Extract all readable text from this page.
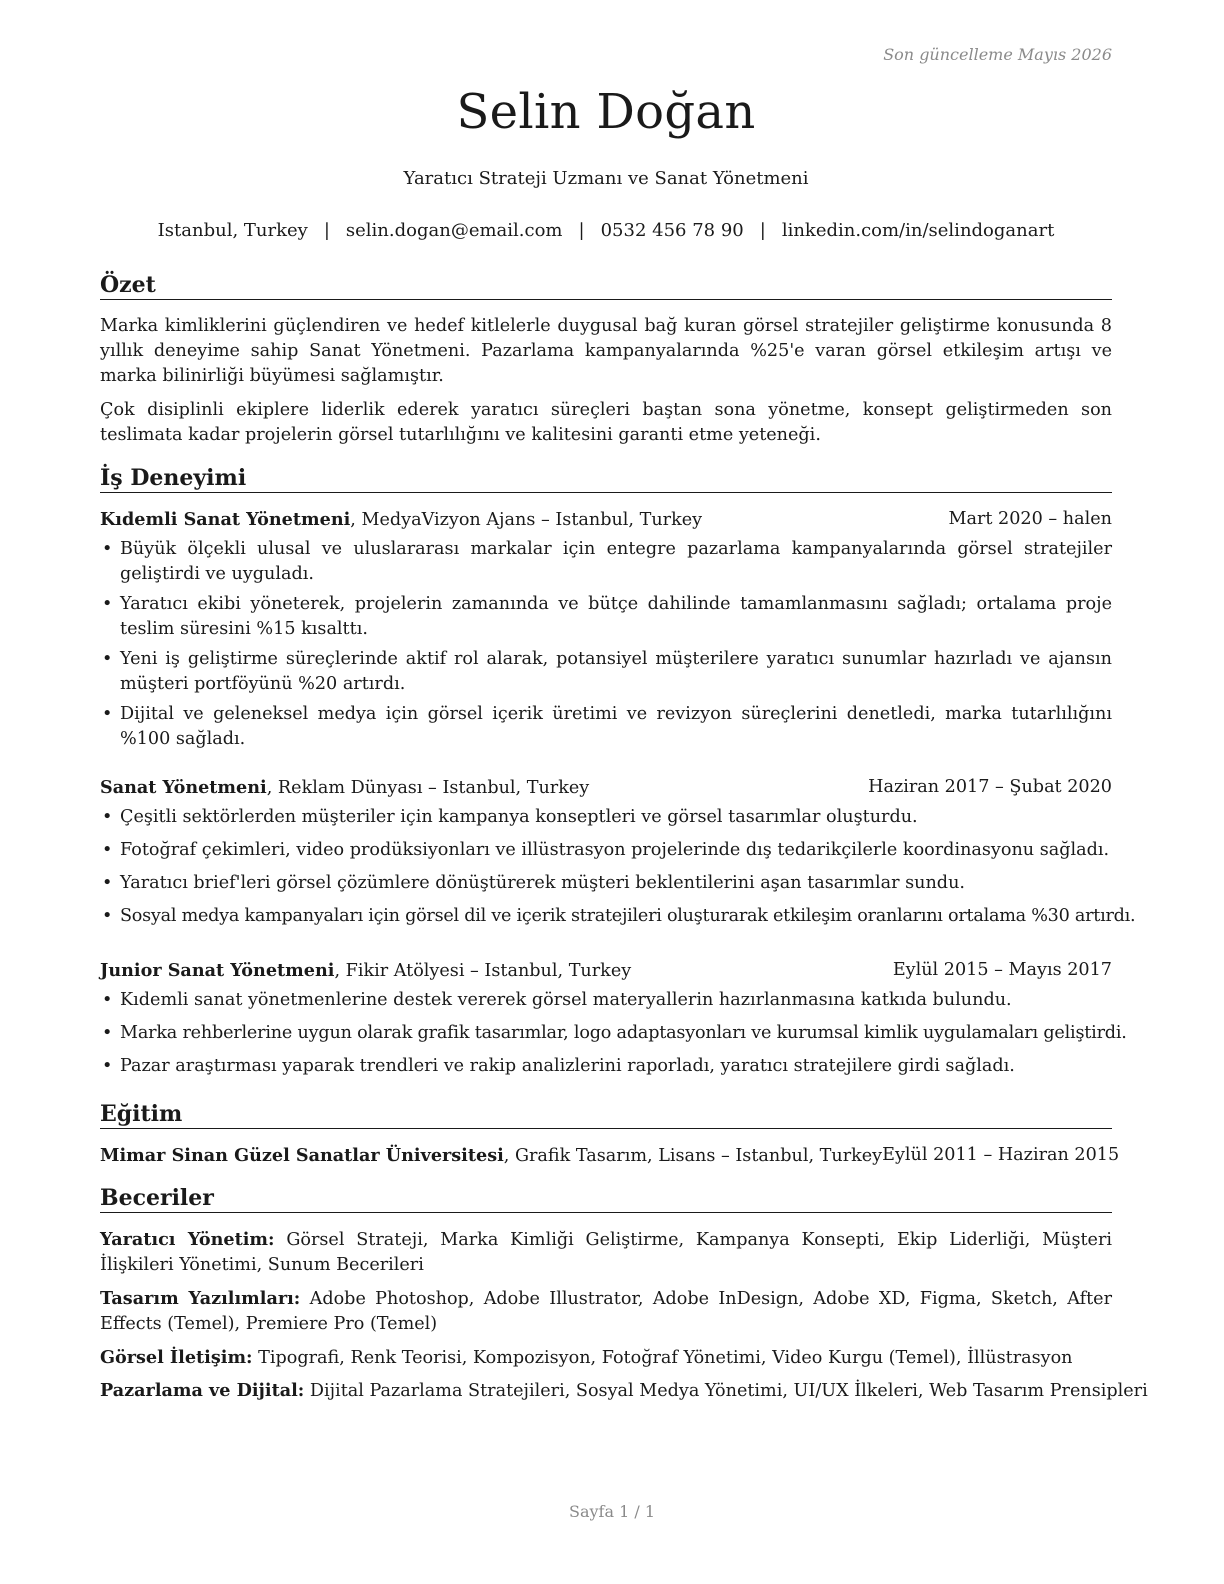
Son güncelleme Mayıs 2026
Selin Doğan
Yaratıcı Strateji Uzmanı ve Sanat Yönetmeni
Istanbul, Turkey | selin.dogan@email.com | 0532 456 78 90 | linkedin.com/in/selindoganart
Özet

Marka kimliklerini güçlendiren ve hedef kitlelerle duygusal bağ kuran görsel stratejiler geliştirme konusunda 8 yıllık deneyime sahip Sanat Yönetmeni. Pazarlama kampanyalarında %25'e varan görsel etkileşim artışı ve marka bilinirliği büyümesi sağlamıştır.

Çok disiplinli ekiplere liderlik ederek yaratıcı süreçleri baştan sona yönetme, konsept geliştirmeden son teslimata kadar projelerin görsel tutarlılığını ve kalitesini garanti etme yeteneği.

İş Deneyimi
Kıdemli Sanat Yönetmeni, MedyaVizyon Ajans – Istanbul, Turkey	Mart 2020 – halen
• Büyük ölçekli ulusal ve uluslararası markalar için entegre pazarlama kampanyalarında görsel stratejiler geliştirdi ve uyguladı.
• Yaratıcı ekibi yöneterek, projelerin zamanında ve bütçe dahilinde tamamlanmasını sağladı; ortalama proje teslim süresini %15 kısalttı.
• Yeni iş geliştirme süreçlerinde aktif rol alarak, potansiyel müşterilere yaratıcı sunumlar hazırladı ve ajansın müşteri portföyünü %20 artırdı.
• Dijital ve geleneksel medya için görsel içerik üretimi ve revizyon süreçlerini denetledi, marka tutarlılığını %100 sağladı.
Sanat Yönetmeni, Reklam Dünyası – Istanbul, Turkey	Haziran 2017 – Şubat 2020
• Çeşitli sektörlerden müşteriler için kampanya konseptleri ve görsel tasarımlar oluşturdu.
• Fotoğraf çekimleri, video prodüksiyonları ve illüstrasyon projelerinde dış tedarikçilerle koordinasyonu sağladı.
• Yaratıcı brief'leri görsel çözümlere dönüştürerek müşteri beklentilerini aşan tasarımlar sundu.
• Sosyal medya kampanyaları için görsel dil ve içerik stratejileri oluşturarak etkileşim oranlarını ortalama %30 artırdı.
Junior Sanat Yönetmeni, Fikir Atölyesi – Istanbul, Turkey	Eylül 2015 – Mayıs 2017
• Kıdemli sanat yönetmenlerine destek vererek görsel materyallerin hazırlanmasına katkıda bulundu.
• Marka rehberlerine uygun olarak grafik tasarımlar, logo adaptasyonları ve kurumsal kimlik uygulamaları geliştirdi.
• Pazar araştırması yaparak trendleri ve rakip analizlerini raporladı, yaratıcı stratejilere girdi sağladı.
Eğitim
Mimar Sinan Güzel Sanatlar Üniversitesi, Grafik Tasarım, Lisans – Istanbul, Turkey Eylül 2011 – Haziran 2015
Beceriler

Yaratıcı Yönetim: Görsel Strateji, Marka Kimliği Geliştirme, Kampanya Konsepti, Ekip Liderliği, Müşteri İlişkileri Yönetimi, Sunum Becerileri

Tasarım Yazılımları: Adobe Photoshop, Adobe Illustrator, Adobe InDesign, Adobe XD, Figma, Sketch, After Effects (Temel), Premiere Pro (Temel)

Görsel İletişim: Tipografi, Renk Teorisi, Kompozisyon, Fotoğraf Yönetimi, Video Kurgu (Temel), İllüstrasyon

Pazarlama ve Dijital: Dijital Pazarlama Stratejileri, Sosyal Medya Yönetimi, UI/UX İlkeleri, Web Tasarım Prensipleri

Sayfa 1 / 1
